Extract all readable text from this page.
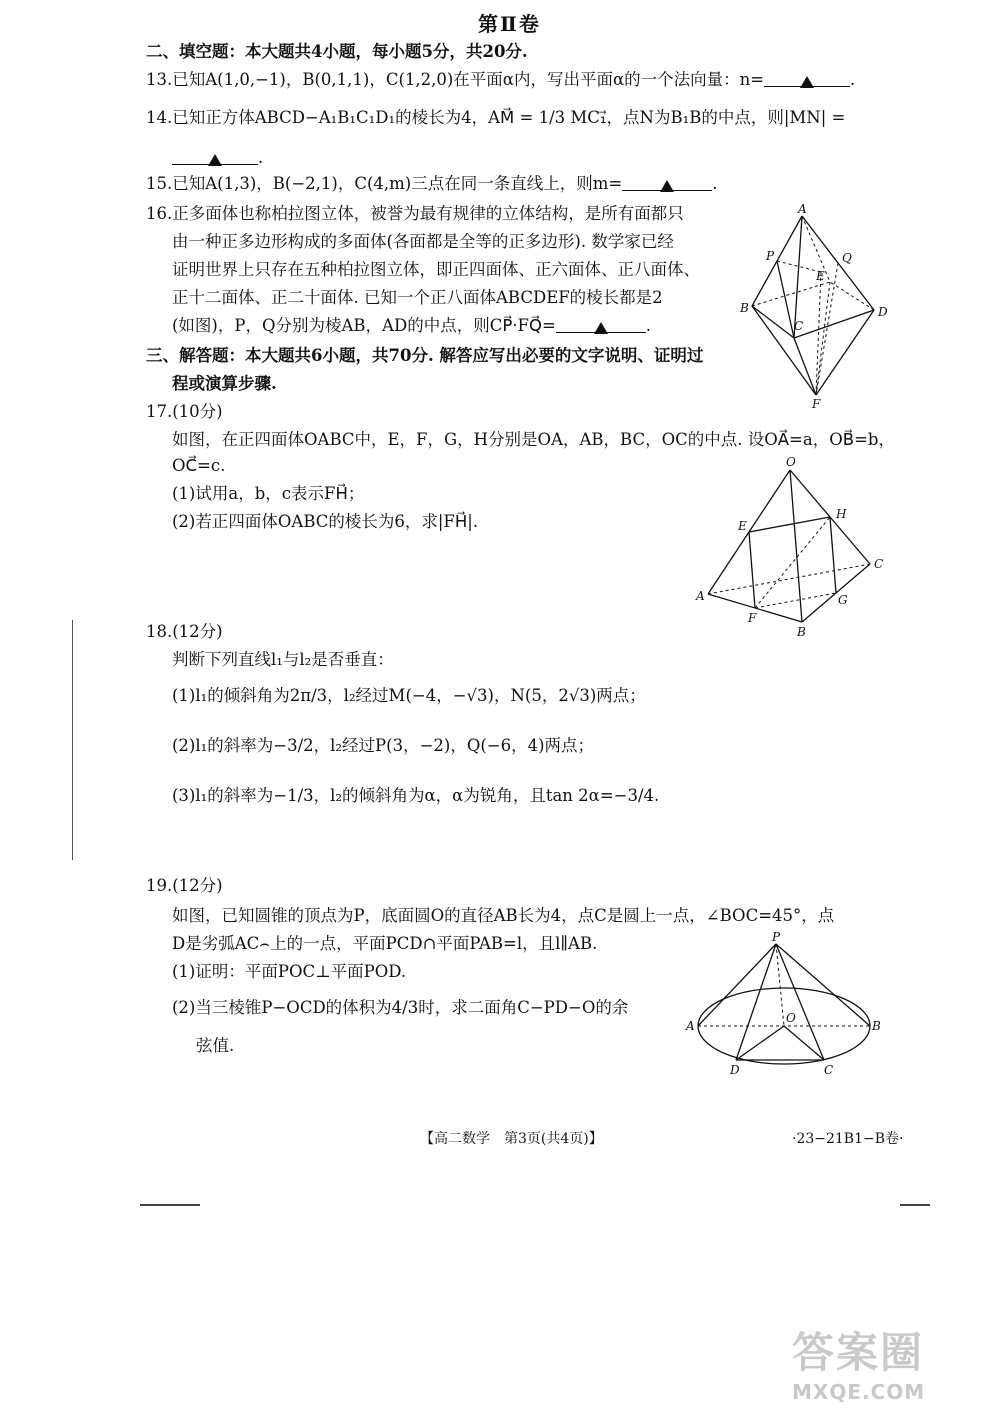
第Ⅱ卷
二、填空题：本大题共4小题，每小题5分，共20分.
13.已知A(1,0,−1)，B(0,1,1)，C(1,2,0)在平面α内，写出平面α的一个法向量：n=	.
14.已知正方体ABCD−A₁B₁C₁D₁的棱长为4，AM⃗ = 1/3 MC₁⃗，点N为B₁B的中点，则|MN| =
.
15.已知A(1,3)，B(−2,1)，C(4,m)三点在同一条直线上，则m=	.
16.正多面体也称柏拉图立体，被誉为最有规律的立体结构，是所有面都只
由一种正多边形构成的多面体(各面都是全等的正多边形). 数学家已经
证明世界上只存在五种柏拉图立体，即正四面体、正六面体、正八面体、
正十二面体、正二十面体. 已知一个正八面体ABCDEF的棱长都是2
(如图)，P，Q分别为棱AB，AD的中点，则CP⃗·FQ⃗=	.
A
P	Q
E
B
C
D
F
三、解答题：本大题共6小题，共70分. 解答应写出必要的文字说明、证明过
程或演算步骤.
17.(10分)
如图，在正四面体OABC中，E，F，G，H分别是OA，AB，BC，OC的中点. 设OA⃗=a，OB⃗=b，
OC⃗=c.
(1)试用a，b，c表示FH⃗；
(2)若正四面体OABC的棱长为6，求|FH⃗|.
O
E
H
C
A
F
G
B
18.(12分)
判断下列直线l₁与l₂是否垂直：
(1)l₁的倾斜角为2π/3，l₂经过M(−4，−√3)，N(5，2√3)两点；
(2)l₁的斜率为−3/2，l₂经过P(3，−2)，Q(−6，4)两点；
(3)l₁的斜率为−1/3，l₂的倾斜角为α，α为锐角，且tan 2α=−3/4.
19.(12分)
如图，已知圆锥的顶点为P，底面圆O的直径AB长为4，点C是圆上一点，∠BOC=45°，点
D是劣弧AC⌢上的一点，平面PCD∩平面PAB=l，且l∥AB.
(1)证明：平面POC⊥平面POD.
(2)当三棱锥P−OCD的体积为4/3时，求二面角C−PD−O的余
弦值.
P
A
O
B
D	C
【高二数学　第3页(共4页)】	·23−21B1−B卷·
答案圈
MXQE.COM
